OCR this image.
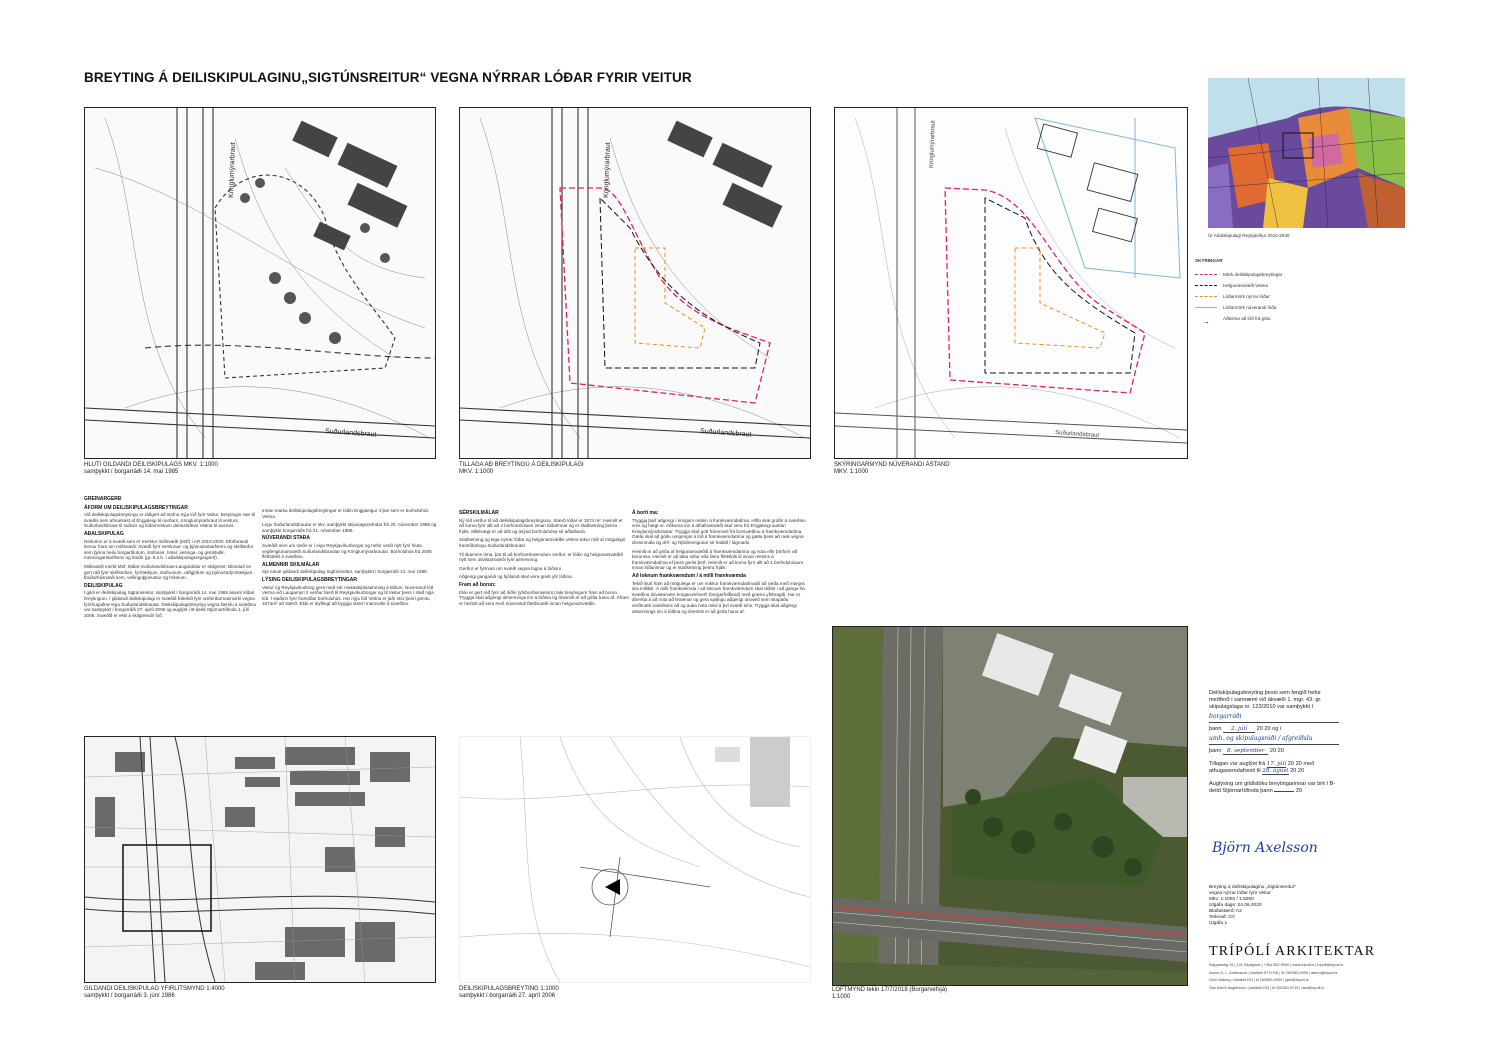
BREYTING Á DEILISKIPULAGINU„SIGTÚNSREITUR“ VEGNA NÝRRAR LÓÐAR FYRIR VEITUR
Kringlumýrarbraut
Suðurlandsbraut
HLUTI GILDANDI DEILISKIPULAGS MKV. 1:1000
samþykkt í borgarráði 14. maí 1985
Kringlumýrarbraut
Suðurlandsbraut
TILLAGA AÐ BREYTINGU Á DEILISKIPULAGI
MKV. 1:1000
Kringlumýrarbraut
Suðurlandsbraut
SKÝRINGARMYND NÚVERANDI ÁSTAND
MKV. 1:1000
Úr Aðalskipulagi Reykjavíkur 2010-2030
SKÝRINGAR
Mörk deiliskipulagsbreytingar
Helgunarsvæði Veitna
Lóðarmörk nýrrar lóðar
Lóðarmörk núverandi lóða
→	Aðkoma að lóð frá götu
GREINARGERÐ
ÁFORM UM DEILISKIPULAGSBREYTINGAR

Við deiliskipulagsbreytingu er ráðgert að stofna nýja lóð fyrir Veitur. Breytingin nær til svæðis sem afmarkast af Engjateigi til norðurs, Kringlumýrarbraut til vesturs, Suðurlandsbraut til suðurs og lóðarmörkum dælustöðvar Veitna til austurs.

AÐALSKIPULAG

Reiturinn er á svæði sem er merktur miðsvæði (M2f) í AR 2010-2030. Eftirfarandi kemur fram um miðsvæði: Svæði fyrir verslunar- og þjónustustarfsemi og skrifstofur sem þjóna heilu borgarhlutum, stofnanir, hótel, veitinga- og gististaðir, menningarstarfsemi og íbúðir (gr. 6.2.b. í aðalskipulagsreglugerð).

Miðsvæði merkt M2f, Múlar-Suðurlandsbraut-Laugardalur er skilgreint: Blönduð en gert ráð fyrir skrifstofum, fyrirtækjum, stofnunum, ráðgjöfum og þjónustufyrirtækjum. Íbúðarhúsnæði sem, vellinguþjónustur og hótelum.

DEILISKIPULAG

Í gildi er deiliskipulag Sigtúnsreitur, samþykkt í borgarráði 14. maí 1985 ásamt síðari breytingum. Í gildandi deiliskipulagi er svæðið frátekið fyrir umferðarmannvirki vegna fyrirhugaðrar legu Suðurlandsbrautar. Deiliskipulagsbreyting vegna færslu á svæðinu var samþykkt í borgarráði 27. apríl 2006 og auglýst í B-deild Stjórnartíðinda 1. júlí 2006. Svæðið er ekki á skilgreindri lóð.

Innan marka deiliskipulagsbreytingar er lóðin Engjateigur 4 þar sem er borholuhús Veitna.

Legu Suðurlandsbrautar er skv. samþykkt skipulagsnefndar frá 20. nóvember 1989 og samþykkt borgarráðs frá 21. nóvember 1989.

NÚVERANDI STAÐA

Svæðið sem um ræðir er í eigu Reykjavíkurborgar og hefur verið nýtt fyrir hluta vegfenglunarsvæði Suðurlandsbrautar og Kringlumýrarbrautar. Borholuhús frá 2006 fléttsteikt á svæðinu.

ALMENNIR SKILMÁLAR

Sjá nánar gildandi deiliskipulag Sigtúnsreitur, samþykkt í borgarráði 14. maí 1985.

LÝSING DEILISKIPULAGSBREYTINGAR

Veitur og Reykjavíkurborg gera með sér makaskiptasamning á lóðum. Núverandi lóð Veitna við Laugamýri 2 verður færð til Reykjavíkurborgar og til Veitur þess í stað nýja lóð. Í staðinn fyrir framtíðar borholuhús. Hin nýja lóð Veitna er jafn stór þeirri gömlu, 1874m² að stærð. Ekki er leyfilegt að byggja stærri mannvirki á svæðinu.

SÉRSKILMÁLAR

Ný lóð verður til við deiliskipulagsbreytinguna. Stærð lóðar er 1874 m². Heimilt er að koma fyrir allt að 4 borholuhúsum innan lóðarinnar og er staðsetning þeirra frjáls. Mikilvægt er að útlit og ásýnd borholuhúsa sé aðlaðandi.

Staðsetning og lega nýrrar lóðar og helgunarsvæðis Veitna tekur mið af mögulegri framtíðarlegu Suðurlandsbrautar.

Til skamms tíma, þar til að borframkvæmdum verður, er lóðin og helgunarsvæðið nýtt sem útivistarsvæði fyrir almenning.

Gerður er fyrirvari um svæði vegna lagna á lóðinni.

Aðgengi gangandi og hjólandi skal vera greitt yfir lóðina.

Fram að borun:

Ekki er gert ráð fyrir að lóðin (yfirborðinnsetum) taki breytingum fram að borun. Tryggja skal aðgengi almennings inn á lóðina og óheimilt er að girða hana af. Áfram er heimilt að vera með núverandi flæðsvæði innan helgunarsvæðis.

Á borti ma:

Tryggja þarf aðgengi í kringum reitinn á framkvæmdatíma. Hlífa skal gróðri á svæðinu eins og hægt er. Aðkoma inn á athafnasvæði skal vera frá Engjateigi austan Kringlumýrarbrautar. Tryggja skal gott frárennsli frá borsvæðinu á framkvæmdatíma. Gæta skal að góðu umgengni á lóð á framkvæmdatíma og gæta þess að rask vegna dreninmála og drif- og hljóðmengunar sé haldið í lágmarki.

Heimilt er að girða af helgunarsvæðið á framkvæmdatíma og nota eftir þörfum við borunina. Heimilt er að taka niður eða færa fléttskilti til innan reitsins á framkvæmdatíma ef þess gerist þörf. Heimilt er að koma fyrir allt að 4 borholuhúsum innan lóðarinnar og er staðsetning þeirra frjáls.

Að loknum framkvæmdum / á milli framkvæmda

Tekið skal fram að mögulega er um nokkur framkvæmdatímabil að ræða með margra ára millibili. Á milli framkvæmda / að loknum framkvæmdum skal ráðist í að ganga frá svæðinu útivistarvæn borgarumhverfi (borgarfriðland) með grænu yfirbragði. Þar er áhersla á að nota að lstrænar og gera spilingu aðgengi útsvæð sem skapaðu verðmæti svæðisins að og auka nota mikil á því svæði eins. Tryggja skal aðgengi almennings inn á lóðina og óheimilt er að girða hana af.

GILDANDI DEILISKIPULAG YFIRLITSMYND 1:4000
samþykkt í borgarráði 3. júní 1986
DEILISKIPULAGSBREYTING 1:1000
samþykkt í borgarráði 27. apríl 2006
LOFTMYND tekin 17/7/2018 (Borgarvefsjá)
1:1000
Deiliskipulagsbreyting þessi sem fengið hefur meðferð í samræmi við ákvæði 1. mgr. 43. gr. skipulagslaga nr. 123/2010 var samþykkt í
borgarráði
þann 2. júlí 20 20 og í
umh. og skipulagsráði / afgreiðslu
þann 8. september 20 20
Tillagan var auglýst frá 17. júlí 20 20 með athugasemdafresti til 28. ágúst 20 20
Auglýsing um gildistöku breytingarinnar var birt í B-deild Stjórnartíðinda þann	20
Björn Axelsson
Breyting á deiliskipulaginu „Sigtúnsreitur“
vegna nýrrar lóðar fyrir Veitur
Mkv: 1:1000 / 1:5000
Útgáfa dags: 24.06.2020
Blaðastærð: A2
Teiknað: GV
Útgáfa 1
TRÍPÓLÍ ARKITEKTAR
Klapparstíg 16 | 101 Reykjavík | +354 552-9900 | www.tripoli.is | tripoli@tripoli.is
Aaron G. L. Andersson | Arkitekt ETH FAÍ | kt 290383-9999 | aaron@tripoli.is
Gísli Valberg | Arkitekt FAÍ | kt 240983-9999 | gisli@tripoli.is
Ósk Davíð Ásgeirsson | Arkitekt FAÍ | kt 200280-9719 | osk@tripoli.is
